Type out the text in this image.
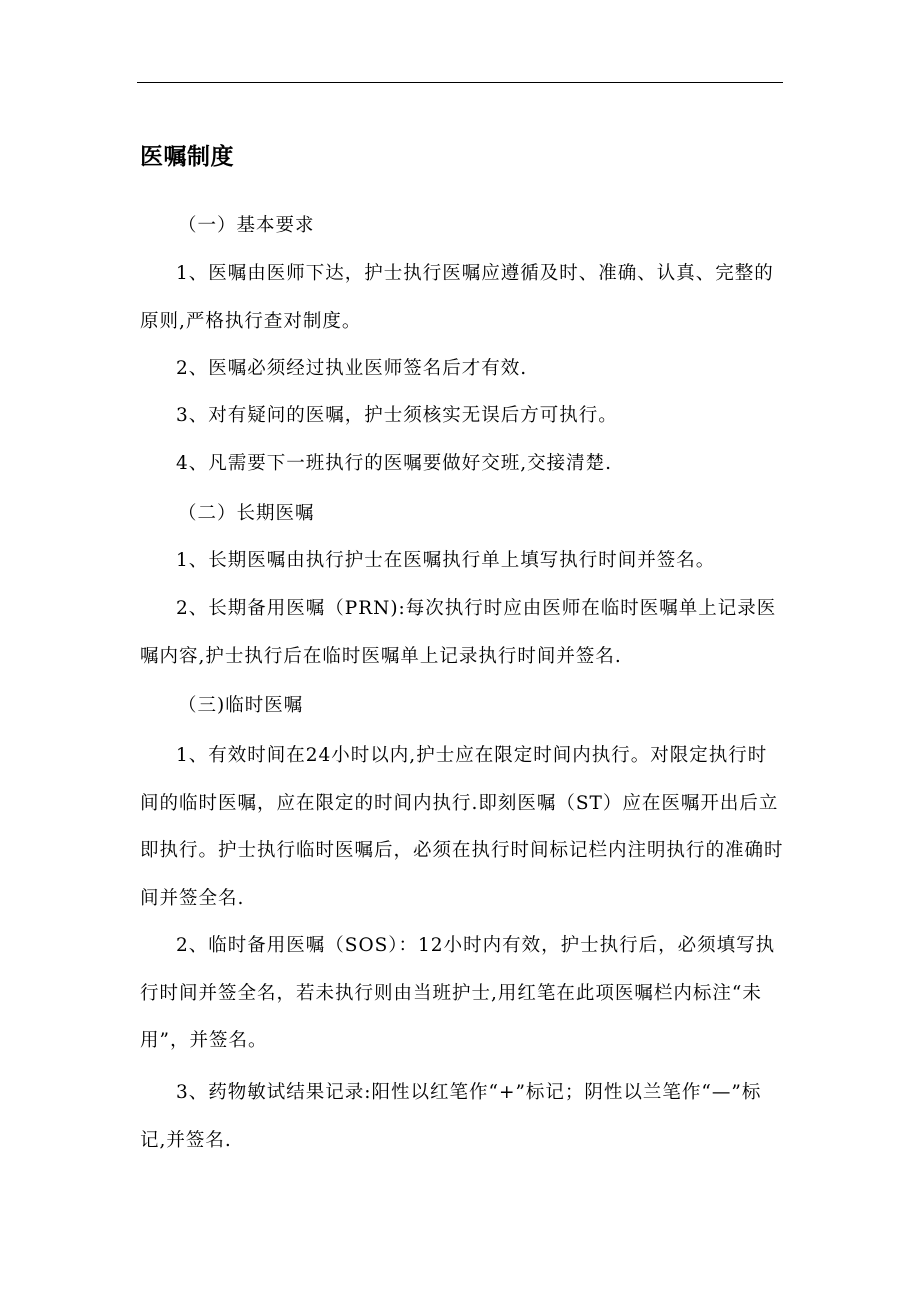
医嘱制度

（一）基本要求

1、医嘱由医师下达，护士执行医嘱应遵循及时、准确、认真、完整的原则,严格执行查对制度。

2、医嘱必须经过执业医师签名后才有效.

3、对有疑问的医嘱，护士须核实无误后方可执行。

4、凡需要下一班执行的医嘱要做好交班,交接清楚.

（二）长期医嘱

1、长期医嘱由执行护士在医嘱执行单上填写执行时间并签名。

2、长期备用医嘱（PRN):每次执行时应由医师在临时医嘱单上记录医嘱内容,护士执行后在临时医嘱单上记录执行时间并签名.

（三)临时医嘱

1、有效时间在24小时以内,护士应在限定时间内执行。对限定执行时间的临时医嘱，应在限定的时间内执行.即刻医嘱（ST）应在医嘱开出后立即执行。护士执行临时医嘱后，必须在执行时间标记栏内注明执行的准确时间并签全名.

2、临时备用医嘱（SOS）：12小时内有效，护士执行后，必须填写执行时间并签全名，若未执行则由当班护士,用红笔在此项医嘱栏内标注“未用”，并签名。

3、药物敏试结果记录:阳性以红笔作“+”标记；阴性以兰笔作“—”标记,并签名.
